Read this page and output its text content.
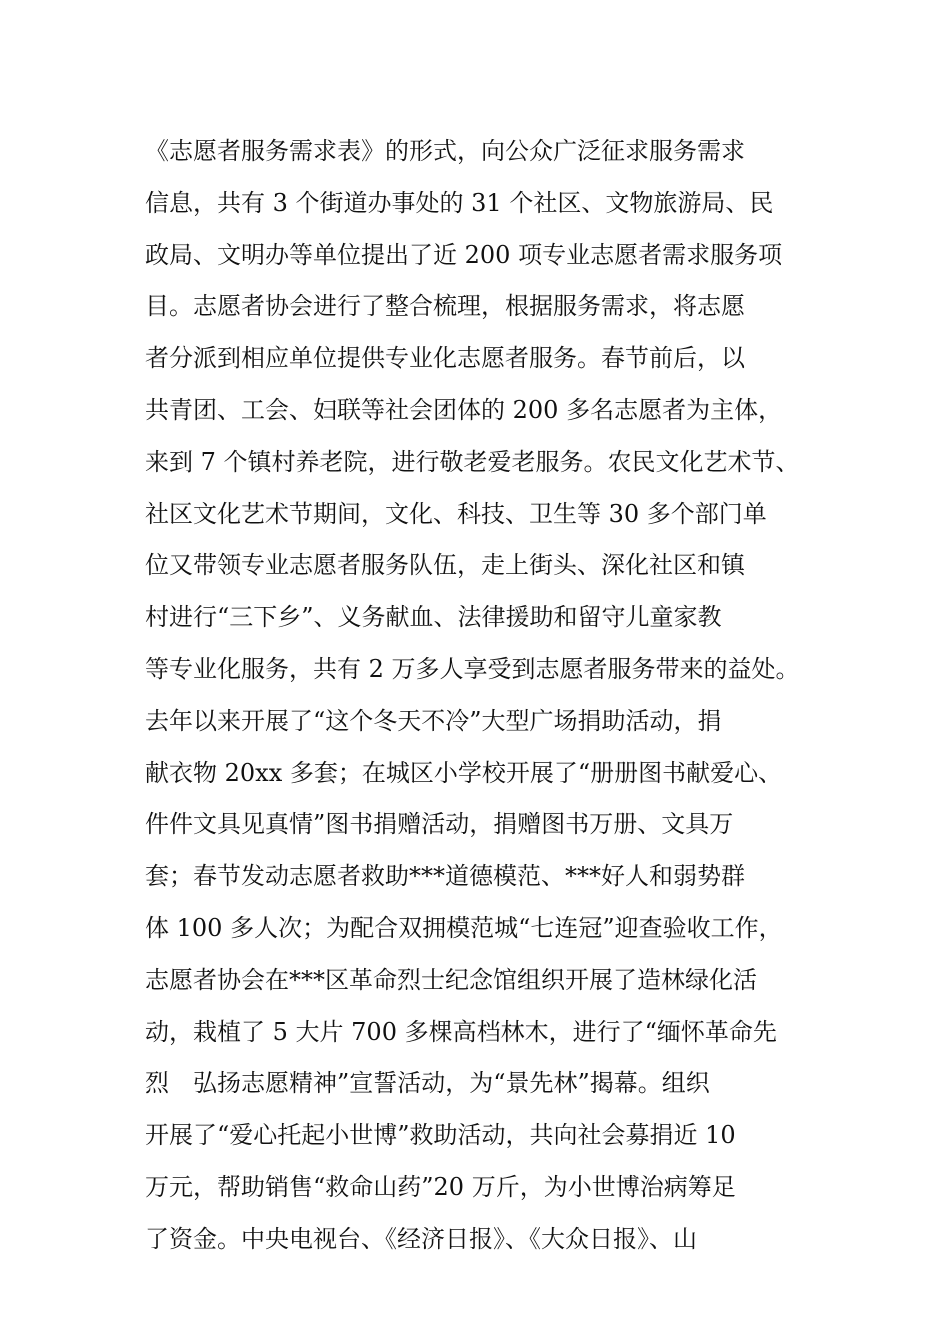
《志愿者服务需求表》的形式，向公众广泛征求服务需求
信息，共有 3 个街道办事处的 31 个社区、文物旅游局、民
政局、文明办等单位提出了近 200 项专业志愿者需求服务项
目。志愿者协会进行了整合梳理，根据服务需求，将志愿
者分派到相应单位提供专业化志愿者服务。春节前后，以
共青团、工会、妇联等社会团体的 200 多名志愿者为主体，
来到 7 个镇村养老院，进行敬老爱老服务。农民文化艺术节、
社区文化艺术节期间，文化、科技、卫生等 30 多个部门单
位又带领专业志愿者服务队伍，走上街头、深化社区和镇
村进行“三下乡”、义务献血、法律援助和留守儿童家教
等专业化服务，共有 2 万多人享受到志愿者服务带来的益处。
去年以来开展了“这个冬天不冷”大型广场捐助活动，捐
献衣物 20xx 多套；在城区小学校开展了“册册图书献爱心、
件件文具见真情”图书捐赠活动，捐赠图书万册、文具万
套；春节发动志愿者救助***道德模范、***好人和弱势群
体 100 多人次；为配合双拥模范城“七连冠”迎查验收工作，
志愿者协会在***区革命烈士纪念馆组织开展了造林绿化活
动，栽植了 5 大片 700 多棵高档林木，进行了“缅怀革命先
烈　弘扬志愿精神”宣誓活动，为“景先林”揭幕。组织
开展了“爱心托起小世博”救助活动，共向社会募捐近 10
万元，帮助销售“救命山药”20 万斤，为小世博治病筹足
了资金。中央电视台、《经济日报》、《大众日报》、山
